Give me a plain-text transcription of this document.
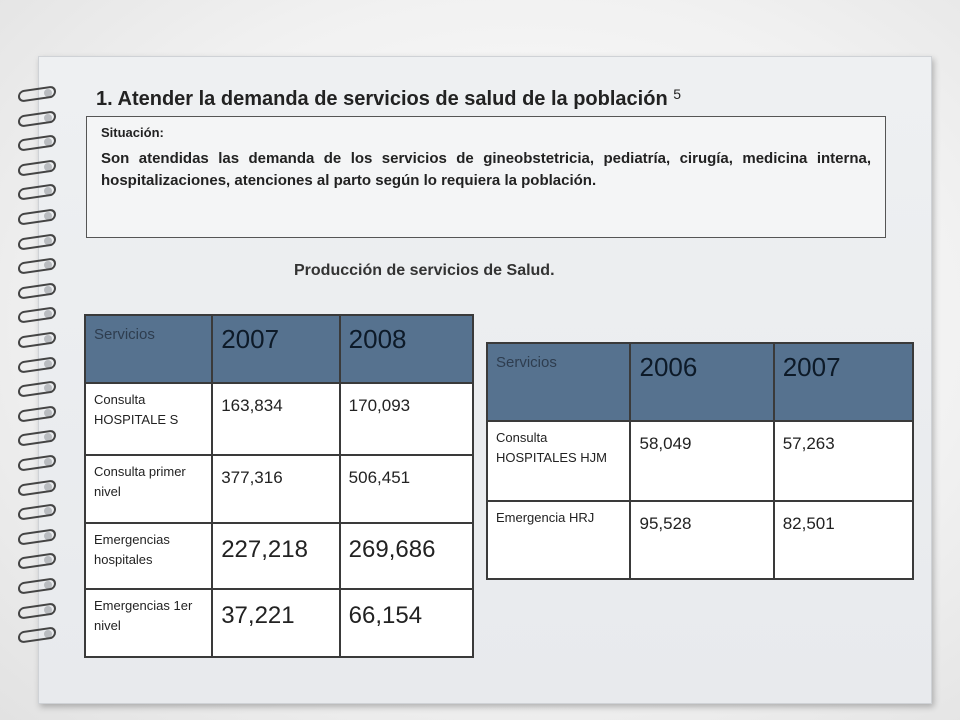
1. Atender la demanda de servicios de salud de la población $^5$

Situación:

Son atendidas las demanda de los servicios de gineobstetricia, pediatría, cirugía, medicina interna, hospitalizaciones, atenciones al parto según lo requiera la población.

Producción de servicios de Salud.

Servicios	2007	2008
Consulta HOSPITALE S	163,834	170,093
Consulta primer nivel	377,316	506,451
Emergencias hospitales	227,218	269,686
Emergencias 1er nivel	37,221	66,154
Servicios	2006	2007
Consulta HOSPITALES HJM	58,049	57,263
Emergencia HRJ	95,528	82,501
